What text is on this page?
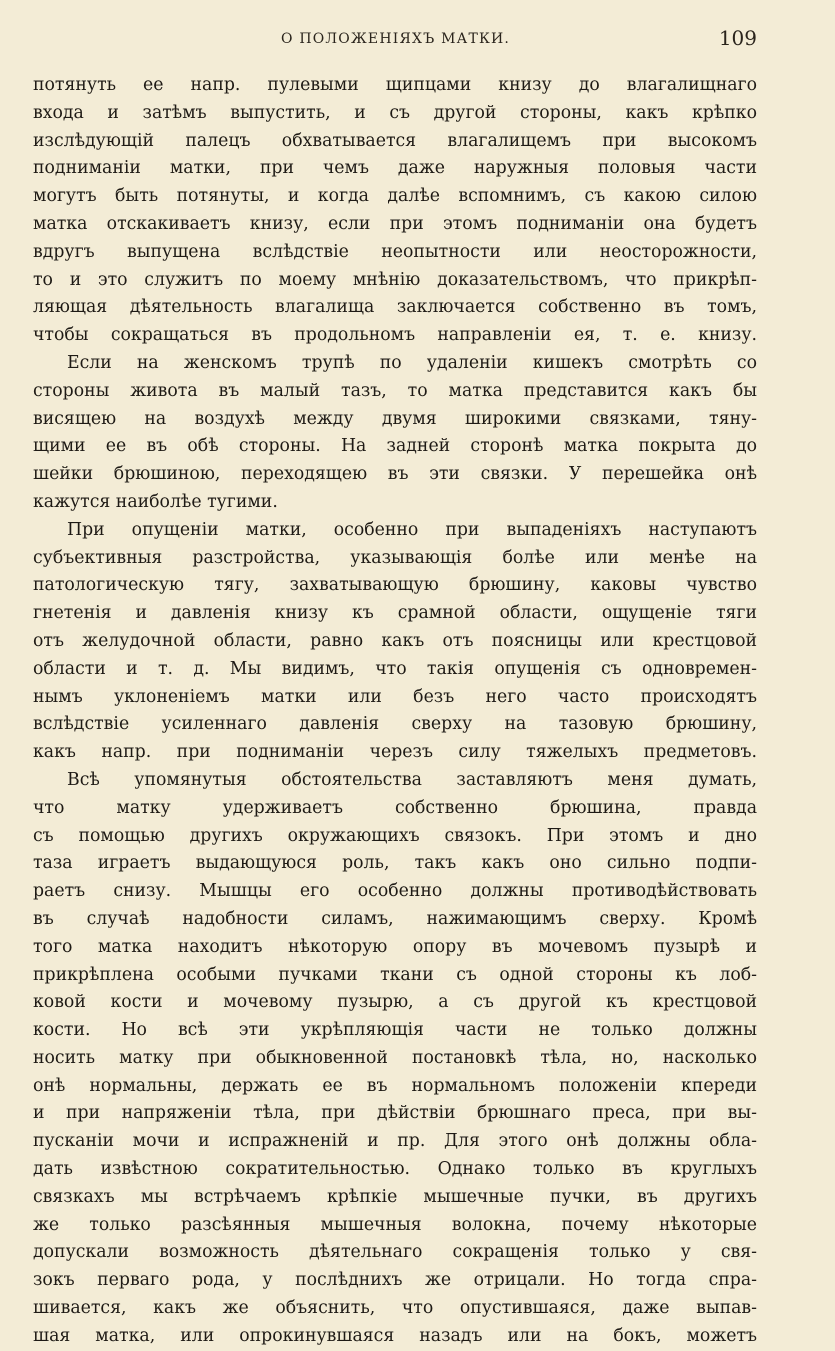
О ПОЛОЖЕНІЯХЪ МАТКИ.	109
потянуть ее напр. пулевыми щипцами книзу до влагалищнаго
входа и затѣмъ выпустить, и съ другой стороны, какъ крѣпко
изслѣдующій палецъ обхватывается влагалищемъ при высокомъ
подниманіи матки, при чемъ даже наружныя половыя части
могутъ быть потянуты, и когда далѣе вспомнимъ, съ какою силою
матка отскакиваетъ книзу, если при этомъ подниманіи она будетъ
вдругъ выпущена вслѣдствіе неопытности или неосторожности,
то и это служитъ по моему мнѣнію доказательствомъ, что прикрѣп-
ляющая дѣятельность влагалища заключается собственно въ томъ,
чтобы сокращаться въ продольномъ направленіи ея, т. е. книзу.
Если на женскомъ трупѣ по удаленіи кишекъ смотрѣть со
стороны живота въ малый тазъ, то матка представится какъ бы
висящею на воздухѣ между двумя широкими связками, тяну-
щими ее въ обѣ стороны. На задней сторонѣ матка покрыта до
шейки брюшиною, переходящею въ эти связки. У перешейка онѣ
кажутся наиболѣе тугими.
При опущеніи матки, особенно при выпаденіяхъ наступаютъ
субъективныя разстройства, указывающія болѣе или менѣе на
патологическую тягу, захватывающую брюшину, каковы чувство
гнетенія и давленія книзу къ срамной области, ощущеніе тяги
отъ желудочной области, равно какъ отъ поясницы или крестцовой
области и т. д. Мы видимъ, что такія опущенія съ одновремен-
нымъ уклоненіемъ матки или безъ него часто происходятъ
вслѣдствіе усиленнаго давленія сверху на тазовую брюшину,
какъ напр. при подниманіи черезъ силу тяжелыхъ предметовъ.
Всѣ упомянутыя обстоятельства заставляютъ меня думать,
что матку удерживаетъ собственно брюшина, правда
съ помощью другихъ окружающихъ связокъ. При этомъ и дно
таза играетъ выдающуюся роль, такъ какъ оно сильно подпи-
раетъ снизу. Мышцы его особенно должны противодѣйствовать
въ случаѣ надобности силамъ, нажимающимъ сверху. Кромѣ
того матка находитъ нѣкоторую опору въ мочевомъ пузырѣ и
прикрѣплена особыми пучками ткани съ одной стороны къ лоб-
ковой кости и мочевому пузырю, а съ другой къ крестцовой
кости. Но всѣ эти укрѣпляющія части не только должны
носить матку при обыкновенной постановкѣ тѣла, но, насколько
онѣ нормальны, держать ее въ нормальномъ положеніи кпереди
и при напряженіи тѣла, при дѣйствіи брюшнаго преса, при вы-
пусканіи мочи и испражненій и пр. Для этого онѣ должны обла-
дать извѣстною сократительностью. Однако только въ круглыхъ
связкахъ мы встрѣчаемъ крѣпкіе мышечные пучки, въ другихъ
же только разсѣянныя мышечныя волокна, почему нѣкоторые
допускали возможность дѣятельнаго сокращенія только у свя-
зокъ перваго рода, у послѣднихъ же отрицали. Но тогда спра-
шивается, какъ же объяснить, что опустившаяся, даже выпав-
шая матка, или опрокинувшаяся назадъ или на бокъ, можетъ
